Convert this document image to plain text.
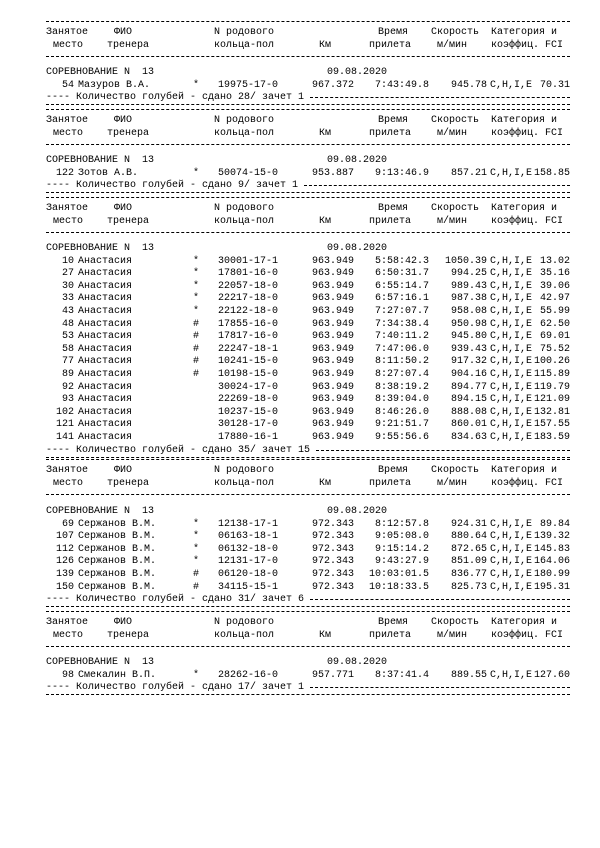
Занятое	ФИО	N родового	Время Скорость Категория и
место тренера	кольца-пол	Км	прилета	м/мин коэффиц. FCI
СОРЕВНОВАНИЕ N  13	09.08.2020
54 Мазуров В.А.	* 19975-17-0	967.372 7:43:49.8 945.78 C,H,I,E 70.31
---- Количество голубей - сдано 28/ зачет 1
Занятое	ФИО	N родового	Время Скорость Категория и
место тренера	кольца-пол	Км	прилета	м/мин коэффиц. FCI
СОРЕВНОВАНИЕ N  13	09.08.2020
122 Зотов А.В.	* 50074-15-0	953.887 9:13:46.9 857.21 C,H,I,E 158.85
---- Количество голубей - сдано 9/ зачет 1
Занятое	ФИО	N родового	Время Скорость Категория и
место тренера	кольца-пол	Км	прилета	м/мин коэффиц. FCI
СОРЕВНОВАНИЕ N  13	09.08.2020
10 Анастасия	* 30001-17-1	963.949 5:58:42.3 1050.39 C,H,I,E 13.02
27 Анастасия	* 17801-16-0	963.949 6:50:31.7 994.25 C,H,I,E 35.16
30 Анастасия	* 22057-18-0	963.949 6:55:14.7 989.43 C,H,I,E 39.06
33 Анастасия	* 22217-18-0	963.949 6:57:16.1 987.38 C,H,I,E 42.97
43 Анастасия	* 22122-18-0	963.949 7:27:07.7 958.08 C,H,I,E 55.99
48 Анастасия	# 17855-16-0	963.949 7:34:38.4 950.98 C,H,I,E 62.50
53 Анастасия	# 17817-16-0	963.949 7:40:11.2 945.80 C,H,I,E 69.01
58 Анастасия	# 22247-18-1	963.949 7:47:06.0 939.43 C,H,I,E 75.52
77 Анастасия	# 10241-15-0	963.949 8:11:50.2 917.32 C,H,I,E 100.26
89 Анастасия	# 10198-15-0	963.949 8:27:07.4 904.16 C,H,I,E 115.89
92 Анастасия	30024-17-0	963.949 8:38:19.2 894.77 C,H,I,E 119.79
93 Анастасия	22269-18-0	963.949 8:39:04.0 894.15 C,H,I,E 121.09
102 Анастасия	10237-15-0	963.949 8:46:26.0 888.08 C,H,I,E 132.81
121 Анастасия	30128-17-0	963.949 9:21:51.7 860.01 C,H,I,E 157.55
141 Анастасия	17880-16-1	963.949 9:55:56.6 834.63 C,H,I,E 183.59
---- Количество голубей - сдано 35/ зачет 15
Занятое	ФИО	N родового	Время Скорость Категория и
место тренера	кольца-пол	Км	прилета	м/мин коэффиц. FCI
СОРЕВНОВАНИЕ N  13	09.08.2020
69 Сержанов В.М.	* 12138-17-1	972.343 8:12:57.8 924.31 C,H,I,E 89.84
107 Сержанов В.М.	* 06163-18-1	972.343 9:05:08.0 880.64 C,H,I,E 139.32
112 Сержанов В.М.	* 06132-18-0	972.343 9:15:14.2 872.65 C,H,I,E 145.83
126 Сержанов В.М.	* 12131-17-0	972.343 9:43:27.9 851.09 C,H,I,E 164.06
139 Сержанов В.М.	# 06120-18-0	972.343 10:03:01.5 836.77 C,H,I,E 180.99
150 Сержанов В.М.	# 34115-15-1	972.343 10:18:33.5 825.73 C,H,I,E 195.31
---- Количество голубей - сдано 31/ зачет 6
Занятое	ФИО	N родового	Время Скорость Категория и
место тренера	кольца-пол	Км	прилета	м/мин коэффиц. FCI
СОРЕВНОВАНИЕ N  13	09.08.2020
98 Смекалин В.П.	* 28262-16-0	957.771 8:37:41.4 889.55 C,H,I,E 127.60
---- Количество голубей - сдано 17/ зачет 1
